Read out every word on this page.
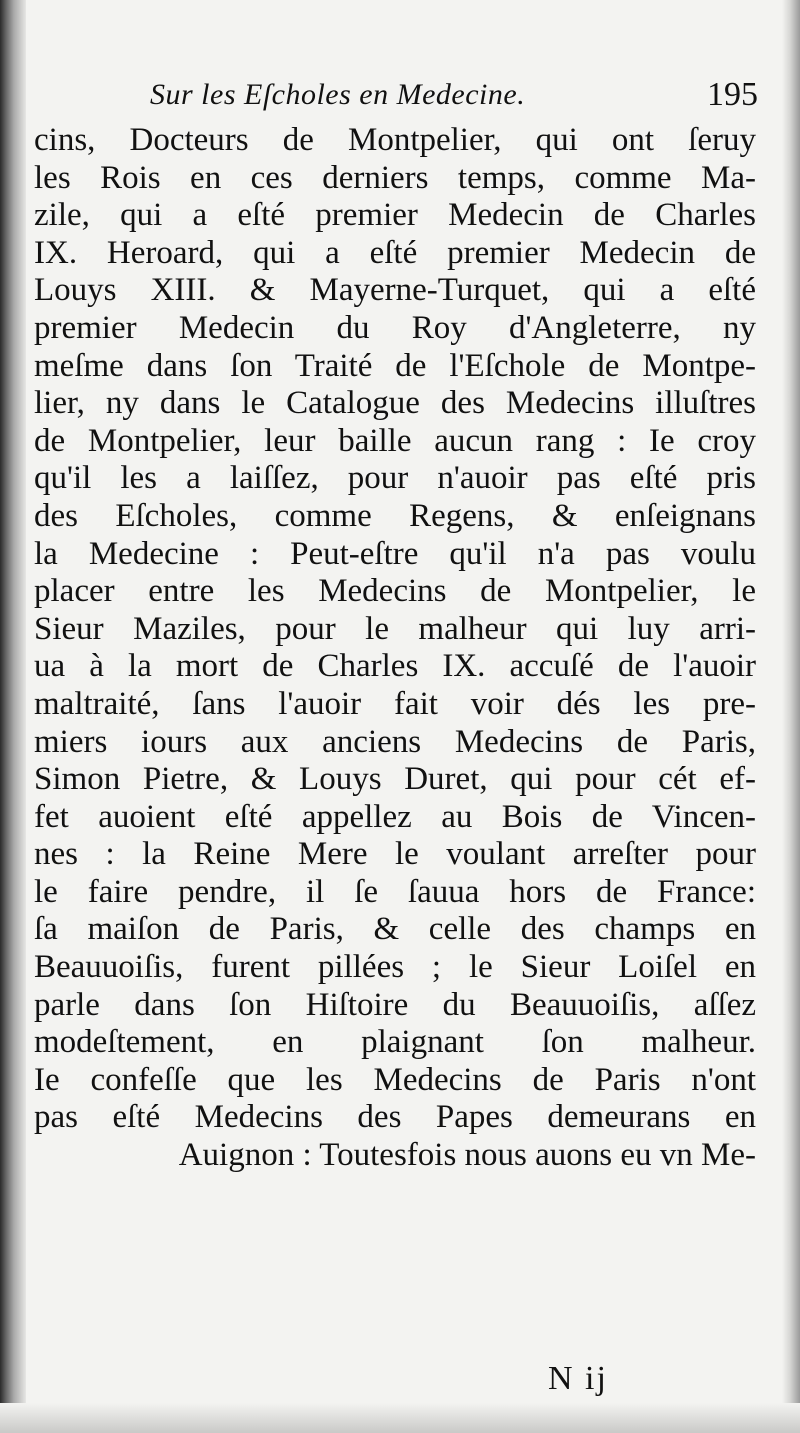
Sur les Eſcholes en Medecine.	195
cins, Docteurs de Montpelier, qui ont ſeruy
les Rois en ces derniers temps, comme Ma-
zile, qui a eſté premier Medecin de Charles
IX. Heroard, qui a eſté premier Medecin de
Louys XIII. & Mayerne-Turquet, qui a eſté
premier Medecin du Roy d'Angleterre, ny
meſme dans ſon Traité de l'Eſchole de Montpe-
lier, ny dans le Catalogue des Medecins illuſtres
de Montpelier, leur baille aucun rang : Ie croy
qu'il les a laiſſez, pour n'auoir pas eſté pris
des Eſcholes, comme Regens, & enſeignans
la Medecine : Peut-eſtre qu'il n'a pas voulu
placer entre les Medecins de Montpelier, le
Sieur Maziles, pour le malheur qui luy arri-
ua à la mort de Charles IX. accuſé de l'auoir
maltraité, ſans l'auoir fait voir dés les pre-
miers iours aux anciens Medecins de Paris,
Simon Pietre, & Louys Duret, qui pour cét ef-
fet auoient eſté appellez au Bois de Vincen-
nes : la Reine Mere le voulant arreſter pour
le faire pendre, il ſe ſauua hors de France:
ſa maiſon de Paris, & celle des champs en
Beauuoiſis, furent pillées ; le Sieur Loiſel en
parle dans ſon Hiſtoire du Beauuoiſis, aſſez
modeſtement, en plaignant ſon malheur.
Ie confeſſe que les Medecins de Paris n'ont
pas eſté Medecins des Papes demeurans en
Auignon : Toutesfois nous auons eu vn Me-
N ij
